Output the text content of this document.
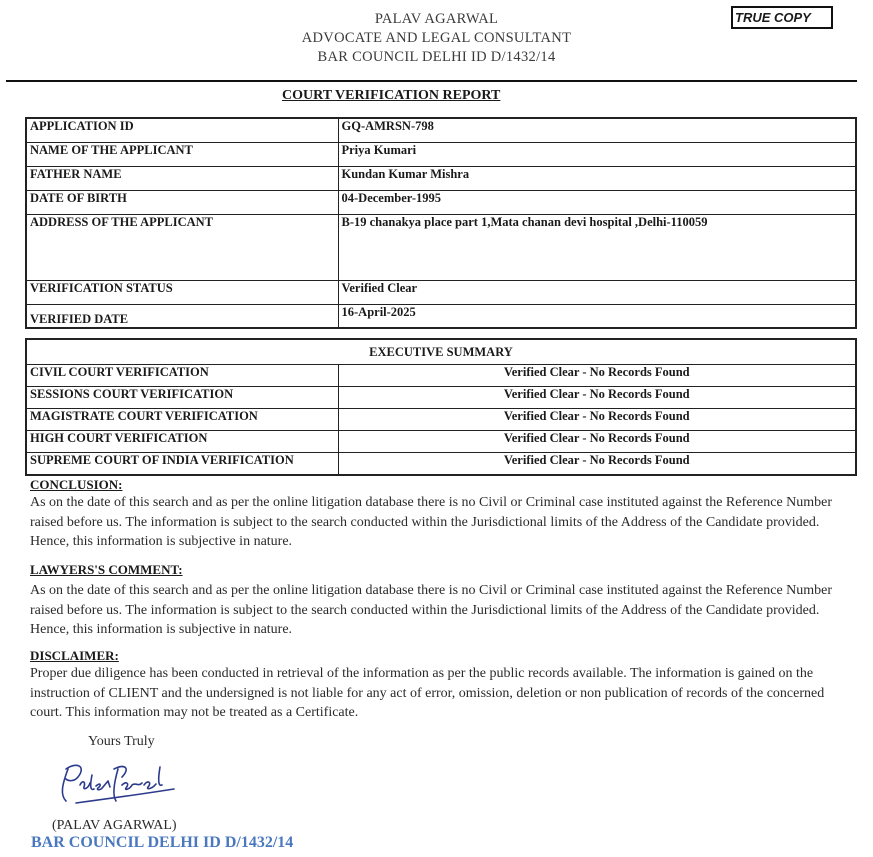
PALAV AGARWAL
ADVOCATE AND LEGAL CONSULTANT
BAR COUNCIL DELHI ID D/1432/14
TRUE COPY
COURT VERIFICATION REPORT
APPLICATION ID	GQ-AMRSN-798
NAME OF THE APPLICANT	Priya Kumari
FATHER NAME	Kundan Kumar Mishra
DATE OF BIRTH	04-December-1995
ADDRESS OF THE APPLICANT	B-19 chanakya place part 1,Mata chanan devi hospital ,Delhi-110059
VERIFICATION STATUS	Verified Clear
VERIFIED DATE	16-April-2025
EXECUTIVE SUMMARY	
CIVIL COURT VERIFICATION	Verified Clear - No Records Found
SESSIONS COURT VERIFICATION	Verified Clear - No Records Found
MAGISTRATE COURT VERIFICATION	Verified Clear - No Records Found
HIGH COURT VERIFICATION	Verified Clear - No Records Found
SUPREME COURT OF INDIA VERIFICATION	Verified Clear - No Records Found
CONCLUSION:
As on the date of this search and as per the online litigation database there is no Civil or Criminal case instituted against the Reference Number raised before us. The information is subject to the search conducted within the Jurisdictional limits of the Address of the Candidate provided. Hence, this information is subjective in nature.
LAWYERS'S COMMENT:
As on the date of this search and as per the online litigation database there is no Civil or Criminal case instituted against the Reference Number raised before us. The information is subject to the search conducted within the Jurisdictional limits of the Address of the Candidate provided. Hence, this information is subjective in nature.
DISCLAIMER:
Proper due diligence has been conducted in retrieval of the information as per the public records available. The information is gained on the instruction of CLIENT and the undersigned is not liable for any act of error, omission, deletion or non publication of records of the concerned court. This information may not be treated as a Certificate.
Yours Truly
(PALAV AGARWAL)
BAR COUNCIL DELHI ID D/1432/14
